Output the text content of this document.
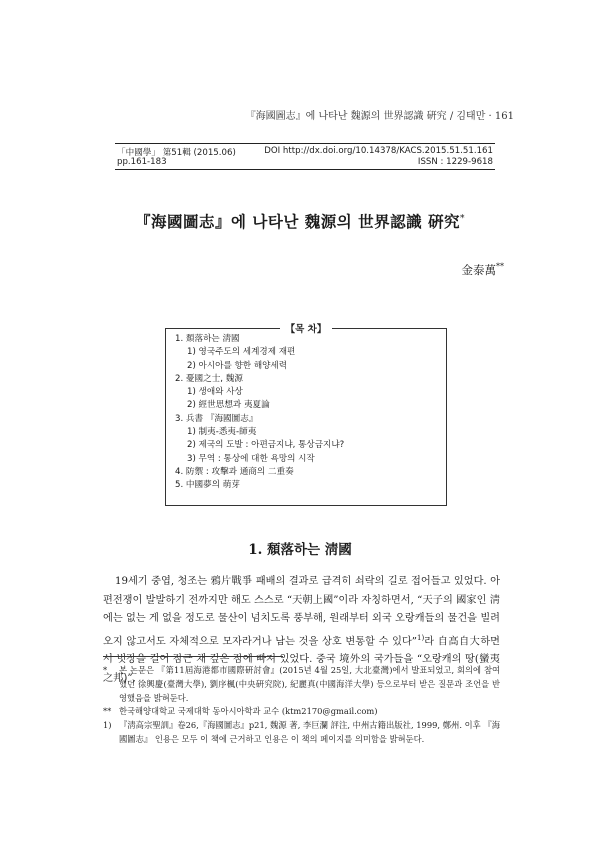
『海國圖志』에 나타난 魏源의 世界認識 硏究 / 김태만 · 161
「中國學」 第51輯 (2015.06)	DOI http://dx.doi.org/10.14378/KACS.2015.51.51.161
pp.161-183	ISSN : 1229-9618
『海國圖志』에 나타난 魏源의 世界認識 硏究*
金泰萬**
【목 차】
1. 頹落하는 淸國
1) 영국주도의 세계경제 재편
2) 아시아를 향한 해양세력
2. 憂國之士, 魏源
1) 생애와 사상
2) 經世思想과 夷夏論
3. 兵書 『海國圖志』
1) 制夷-悉夷-師夷
2) 제국의 도발 : 아편금지냐, 통상금지냐?
3) 무역 : 통상에 대한 욕망의 시작
4. 防禦 : 攻擊과 通商의 二重奏
5. 中國夢의 萌芽
1. 頹落하는 淸國
19세기 중엽, 청조는 鴉片戰爭 패배의 결과로 급격히 쇠락의 길로 접어들고 있었다. 아편전쟁이 발발하기 전까지만 해도 스스로 “天朝上國”이라 자칭하면서, “天子의 國家인 淸에는 없는 게 없을 정도로 물산이 넘치도록 풍부해, 원래부터 외국 오랑캐들의 물건을 빌려오지 않고서도 자체적으로 모자라거나 남는 것을 상호 변통할 수 있다”$^{1)}$라 自高自大하면서 빗장을 걸어 잠근 채 깊은 잠에 빠져 있었다. 중국 境外의 국가들을 “오랑캐의 땅(蠻夷之邦)”,
*	본 논문은 『第11屆海港都市國際硏討會』(2015년 4월 25일, 大北臺灣)에서 발표되었고, 회의에 참여했던 徐興慶(臺灣大學), 劉序楓(中央硏究院), 紀麗真(中國海洋大學) 등으로부터 받은 질문과 조언을 반영했음을 밝혀둔다.
** 한국해양대학교 국제대학 동아시아학과 교수 (ktm2170@gmail.com)
1) 『淸高宗聖訓』卷26,『海國圖志』p21, 魏源 著, 李巨瀾 評注, 中州古籍出版社, 1999, 鄭州. 이후 『海國圖志』 인용은 모두 이 책에 근거하고 인용은 이 책의 페이지를 의미함을 밝혀둔다.
